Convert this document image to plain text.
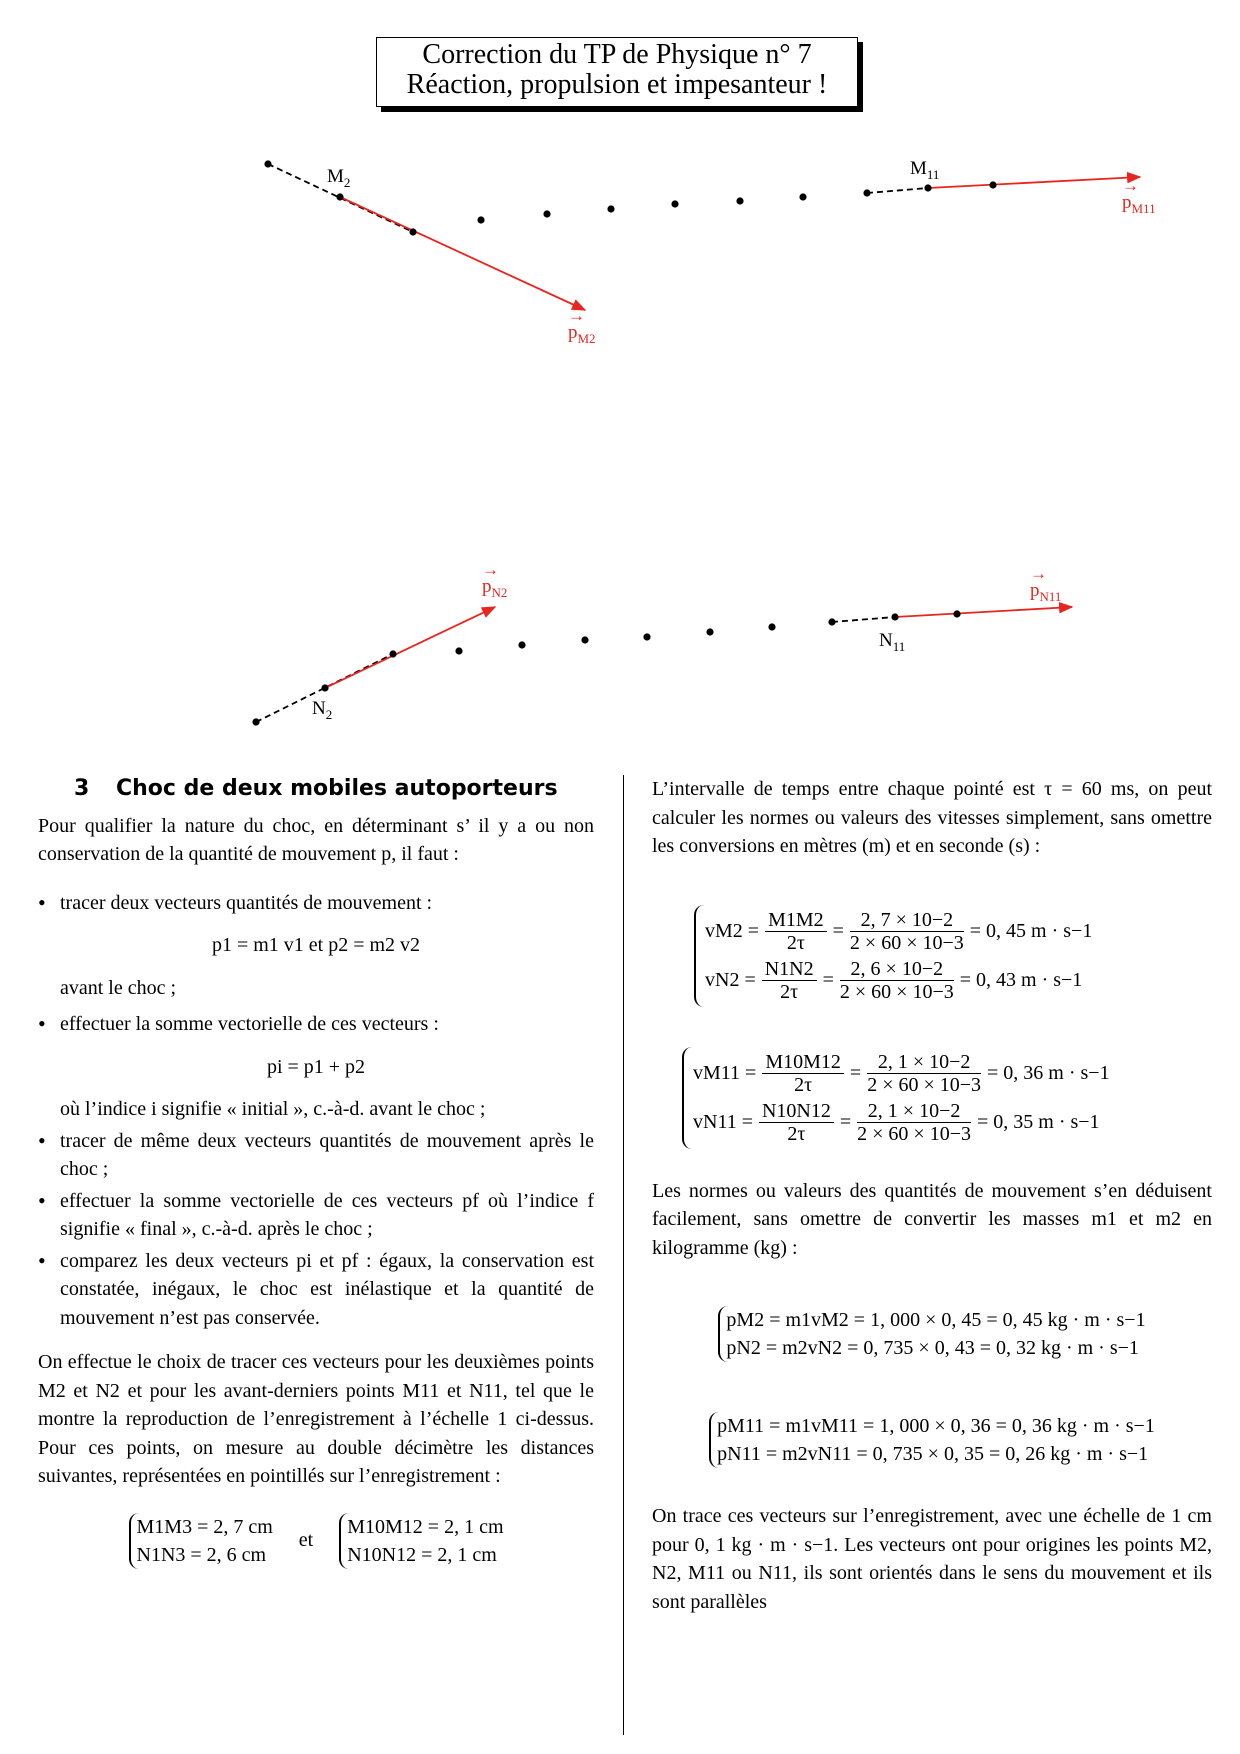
Correction du TP de Physique n° 7
Réaction, propulsion et impesanteur !
$M_2$
$M_{11}$
$N_2$
$N_{11}$
→ $p_{M2}$
→ $p_{M11}$
→ $p_{N2}$	→ $p_{N11}$
3 Choc de deux mobiles autoporteurs

Pour qualifier la nature du choc, en déterminant s’ il y a ou non conservation de la quantité de mouvement p, il faut :

• tracer deux vecteurs quantités de mouvement :

p1 = m1 v1 et p2 = m2 v2

avant le choc ;

• effectuer la somme vectorielle de ces vecteurs :

pi = p1 + p2

où l’indice i signifie « initial », c.-à-d. avant le choc ;

• tracer de même deux vecteurs quantités de mouvement après le choc ;

• effectuer la somme vectorielle de ces vecteurs pf où l’indice f signifie « final », c.-à-d. après le choc ;

• comparez les deux vecteurs pi et pf : égaux, la conservation est constatée, inégaux, le choc est inélastique et la quantité de mouvement n’est pas conservée.

On effectue le choix de tracer ces vecteurs pour les deuxièmes points M2 et N2 et pour les avant-derniers points M11 et N11, tel que le montre la reproduction de l’enregistrement à l’échelle 1 ci-dessus. Pour ces points, on mesure au double décimètre les distances suivantes, représentées en pointillés sur l’enregistrement :

M1M3 = 2, 7 cm
N1N3 = 2, 6 cm
et
M10M12 = 2, 1 cm
N10N12 = 2, 1 cm

L’intervalle de temps entre chaque pointé est τ = 60 ms, on peut calculer les normes ou valeurs des vitesses simplement, sans omettre les conversions en mètres (m) et en seconde (s) :

$vM2 = \frac{M1M2}{2\tau} = \frac{2, 7 \times 10-2}{2 \times 60 \times 10-3} = 0$, 45 m · s−1
$vN2 = \frac{N1N2}{2\tau} = \frac{2, 6 \times 10-2}{2 \times 60 \times 10-3} = 0$, 43 m · s−1
$vM11 = \frac{M10M12}{2\tau} = \frac{2, 1 \times 10-2}{2 \times 60 \times 10-3} = 0$, 36 m · s−1
$vN11 = \frac{N10N12}{2\tau} = \frac{2, 1 \times 10-2}{2 \times 60 \times 10-3} = 0$, 35 m · s−1

Les normes ou valeurs des quantités de mouvement s’en déduisent facilement, sans omettre de convertir les masses m1 et m2 en kilogramme (kg) :

pM2 = m1vM2 = 1, 000 × 0, 45 = 0, 45 kg · m · s−1
pN2 = m2vN2 = 0, 735 × 0, 43 = 0, 32 kg · m · s−1
pM11 = m1vM11 = 1, 000 × 0, 36 = 0, 36 kg · m · s−1
pN11 = m2vN11 = 0, 735 × 0, 35 = 0, 26 kg · m · s−1

On trace ces vecteurs sur l’enregistrement, avec une échelle de 1 cm pour 0, 1 kg · m · s−1. Les vecteurs ont pour origines les points M2, N2, M11 ou N11, ils sont orientés dans le sens du mouvement et ils sont parallèles
